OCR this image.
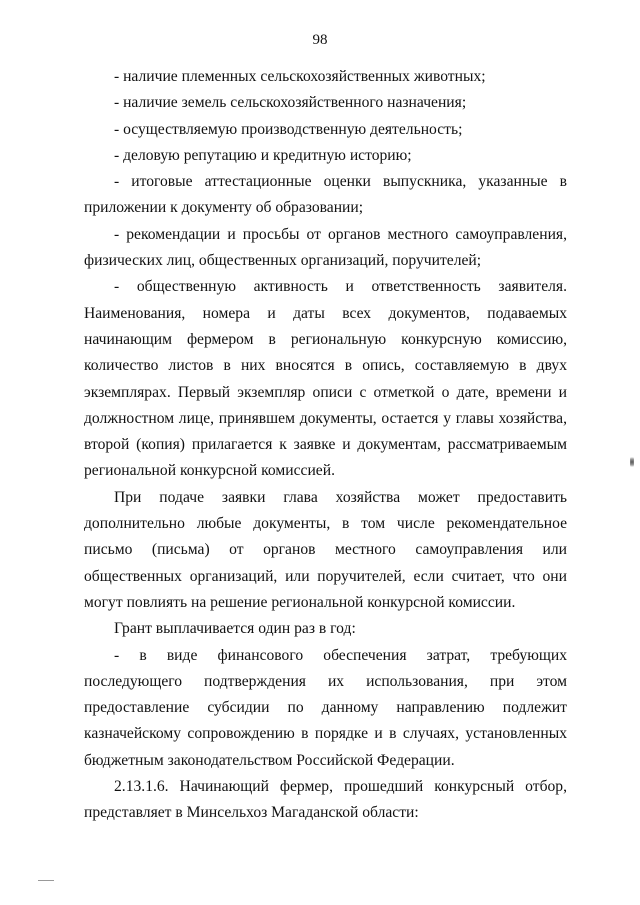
98

- наличие племенных сельскохозяйственных животных;

- наличие земель сельскохозяйственного назначения;

- осуществляемую производственную деятельность;

- деловую репутацию и кредитную историю;

- итоговые аттестационные оценки выпускника, указанные в приложении к документу об образовании;

- рекомендации и просьбы от органов местного самоуправления, физических лиц, общественных организаций, поручителей;

- общественную активность и ответственность заявителя. Наименования, номера и даты всех документов, подаваемых начинающим фермером в региональную конкурсную комиссию, количество листов в них вносятся в опись, составляемую в двух экземплярах. Первый экземпляр описи с отметкой о дате, времени и должностном лице, принявшем документы, остается у главы хозяйства, второй (копия) прилагается к заявке и документам, рассматриваемым региональной конкурсной комиссией.

При подаче заявки глава хозяйства может предоставить дополнительно любые документы, в том числе рекомендательное письмо (письма) от органов местного самоуправления или общественных организаций, или поручителей, если считает, что они могут повлиять на решение региональной конкурсной комиссии.

Грант выплачивается один раз в год:

- в виде финансового обеспечения затрат, требующих последующего подтверждения их использования, при этом предоставление субсидии по данному направлению подлежит казначейскому сопровождению в порядке и в случаях, установленных бюджетным законодательством Российской Федерации.

2.13.1.6. Начинающий фермер, прошедший конкурсный отбор, представляет в Минсельхоз Магаданской области:
